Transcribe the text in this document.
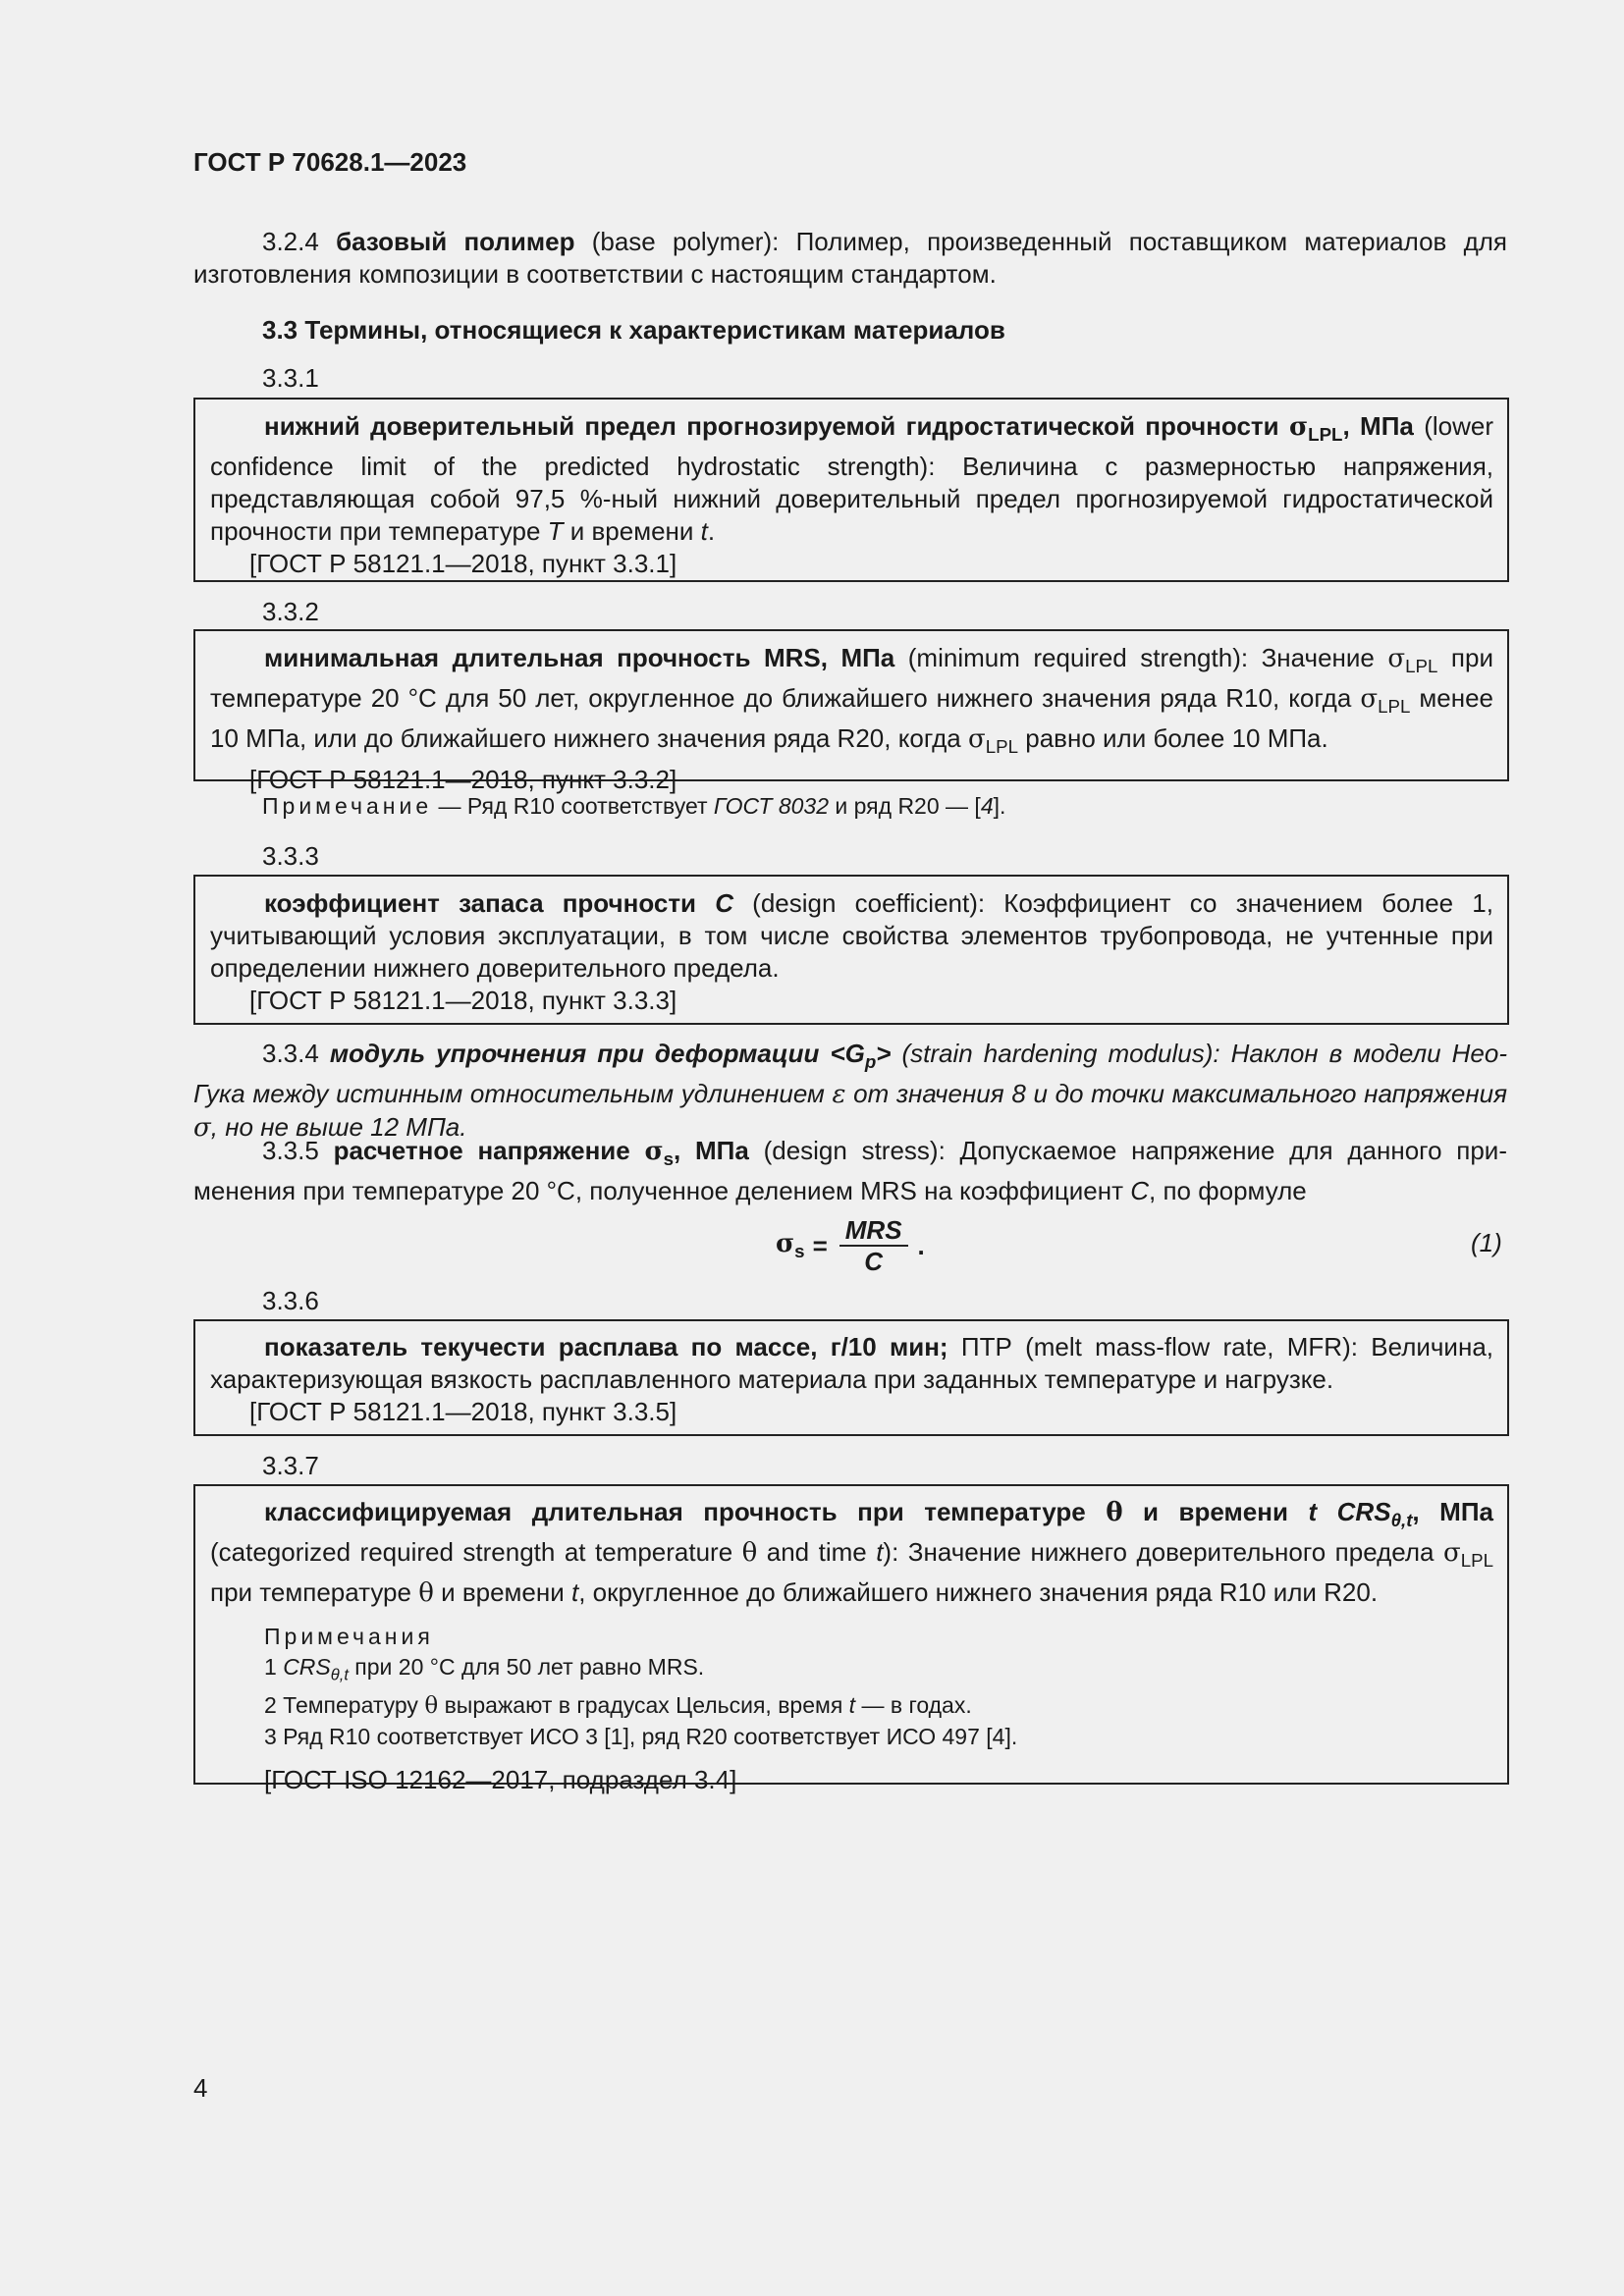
ГОСТ Р 70628.1—2023

3.2.4 базовый полимер (base polymer): Полимер, произведенный поставщиком материалов для изготовления композиции в соответствии с настоящим стандартом.

3.3 Термины, относящиеся к характеристикам материалов
3.3.1

нижний доверительный предел прогнозируемой гидростатической прочности $\sigma_{LPL}$, МПа (lower confidence limit of the predicted hydrostatic strength): Величина с размерностью напряжения, представляющая собой 97,5 %-ный нижний доверительный предел прогнозируемой гидростатической прочности при температуре T и времени t.

[ГОСТ Р 58121.1—2018, пункт 3.3.1]

3.3.2

минимальная длительная прочность MRS, МПа (minimum required strength): Значение $\sigma_{LPL}$ при температуре 20 °C для 50 лет, округленное до ближайшего нижнего значения ряда R10, когда $\sigma_{LPL}$ менее 10 МПа, или до ближайшего нижнего значения ряда R20, когда $\sigma_{LPL}$ равно или более 10 МПа.

[ГОСТ Р 58121.1—2018, пункт 3.3.2]

Примечание — Ряд R10 соответствует ГОСТ 8032 и ряд R20 — [4].
3.3.3

коэффициент запаса прочности C (design coefficient): Коэффициент со значением более 1, учитывающий условия эксплуатации, в том числе свойства элементов трубопровода, не учтенные при определении нижнего доверительного предела.

[ГОСТ Р 58121.1—2018, пункт 3.3.3]

3.3.4 модуль упрочнения при деформации $<G_p>$ (strain hardening modulus): Наклон в модели Нео-Гука между истинным относительным удлинением ε от значения 8 и до точки максимального напряжения σ, но не выше 12 МПа.

3.3.5 расчетное напряжение $\sigma_s$, МПа (design stress): Допускаемое напряжение для данного применения при температуре 20 °C, полученное делением MRS на коэффициент C, по формуле

$\sigma_s = \frac{\text{MRS}}{C}$ .	(1)
3.3.6

показатель текучести расплава по массе, г/10 мин; ПТР (melt mass-flow rate, MFR): Величина, характеризующая вязкость расплавленного материала при заданных температуре и нагрузке.

[ГОСТ Р 58121.1—2018, пункт 3.3.5]

3.3.7

классифицируемая длительная прочность при температуре θ и времени t $CRS_{\theta,t}$, МПа (categorized required strength at temperature θ and time t): Значение нижнего доверительного предела $\sigma_{LPL}$ при температуре θ и времени t, округленное до ближайшего нижнего значения ряда R10 или R20.

Примечания

1 $CRS_{\theta,t}$ при 20 °C для 50 лет равно MRS.

2 Температуру θ выражают в градусах Цельсия, время t — в годах.

3 Ряд R10 соответствует ИСО 3 [1], ряд R20 соответствует ИСО 497 [4].

[ГОСТ ISO 12162—2017, подраздел 3.4]

4
